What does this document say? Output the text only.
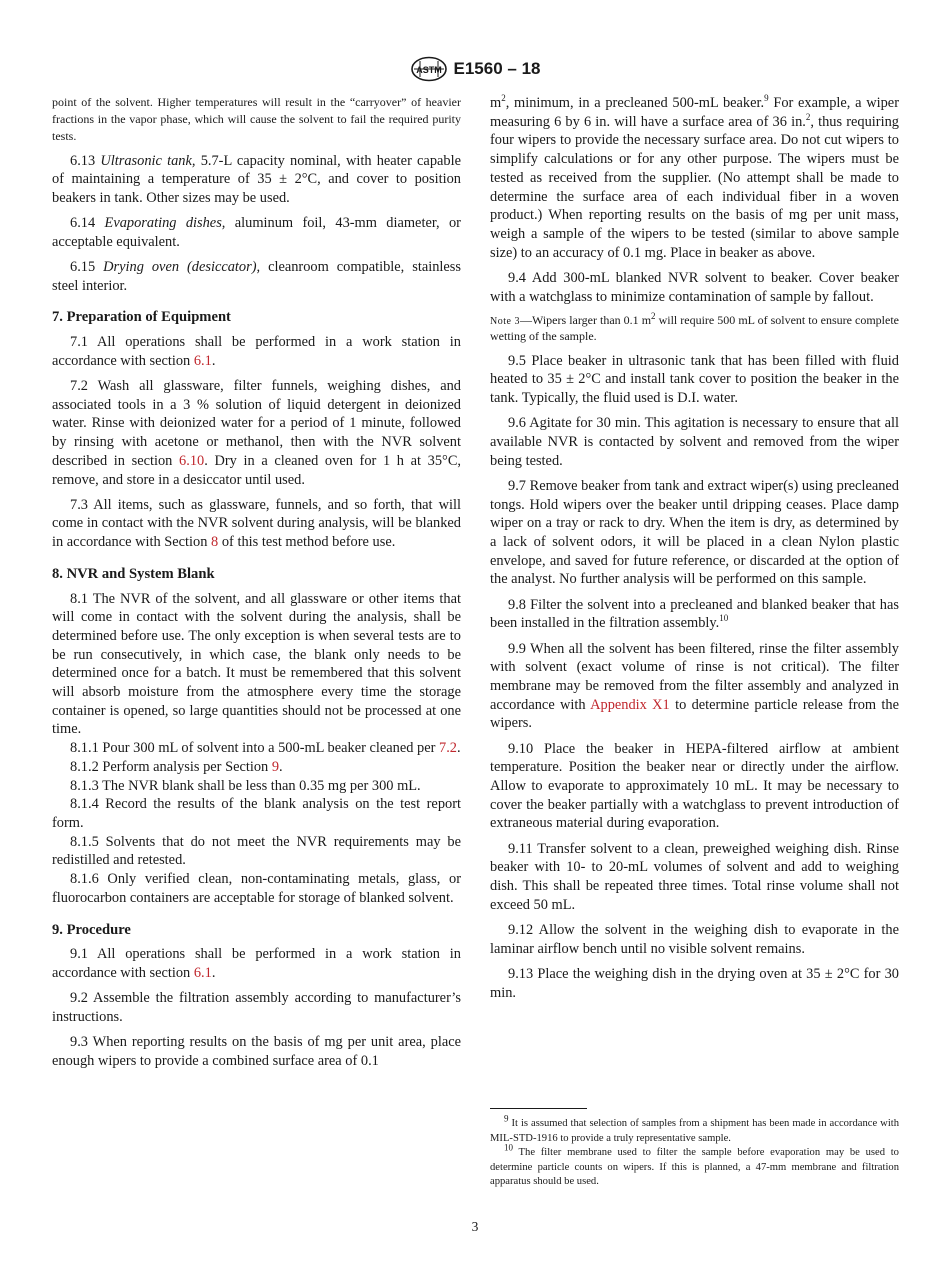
ASTM E1560 – 18

point of the solvent. Higher temperatures will result in the “carryover” of heavier fractions in the vapor phase, which will cause the solvent to fail the required purity tests.

6.13 Ultrasonic tank, 5.7-L capacity nominal, with heater capable of maintaining a temperature of 35 ± 2°C, and cover to position beakers in tank. Other sizes may be used.

6.14 Evaporating dishes, aluminum foil, 43-mm diameter, or acceptable equivalent.

6.15 Drying oven (desiccator), cleanroom compatible, stainless steel interior.

7. Preparation of Equipment

7.1 All operations shall be performed in a work station in accordance with section 6.1.

7.2 Wash all glassware, filter funnels, weighing dishes, and associated tools in a 3 % solution of liquid detergent in deionized water. Rinse with deionized water for a period of 1 minute, followed by rinsing with acetone or methanol, then with the NVR solvent described in section 6.10. Dry in a cleaned oven for 1 h at 35°C, remove, and store in a desiccator until used.

7.3 All items, such as glassware, funnels, and so forth, that will come in contact with the NVR solvent during analysis, will be blanked in accordance with Section 8 of this test method before use.

8. NVR and System Blank

8.1 The NVR of the solvent, and all glassware or other items that will come in contact with the solvent during the analysis, shall be determined before use. The only exception is when several tests are to be run consecutively, in which case, the blank only needs to be determined once for a batch. It must be remembered that this solvent will absorb moisture from the atmosphere every time the storage container is opened, so large quantities should not be processed at one time.

8.1.1 Pour 300 mL of solvent into a 500-mL beaker cleaned per 7.2.

8.1.2 Perform analysis per Section 9.

8.1.3 The NVR blank shall be less than 0.35 mg per 300 mL.

8.1.4 Record the results of the blank analysis on the test report form.

8.1.5 Solvents that do not meet the NVR requirements may be redistilled and retested.

8.1.6 Only verified clean, non-contaminating metals, glass, or fluorocarbon containers are acceptable for storage of blanked solvent.

9. Procedure

9.1 All operations shall be performed in a work station in accordance with section 6.1.

9.2 Assemble the filtration assembly according to manufacturer’s instructions.

9.3 When reporting results on the basis of mg per unit area, place enough wipers to provide a combined surface area of 0.1

$m^2$, minimum, in a precleaned 500-mL beaker.$^9$ For example, a wiper measuring 6 by 6 in. will have a surface area of 36 in.$^2$, thus requiring four wipers to provide the necessary surface area. Do not cut wipers to simplify calculations or for any other purpose. The wipers must be tested as received from the supplier. (No attempt shall be made to determine the surface area of each individual fiber in a woven product.) When reporting results on the basis of mg per unit mass, weigh a sample of the wipers to be tested (similar to above sample size) to an accuracy of 0.1 mg. Place in beaker as above.

9.4 Add 300-mL blanked NVR solvent to beaker. Cover beaker with a watchglass to minimize contamination of sample by fallout.

Note 3—Wipers larger than 0.1 $m^2$ will require 500 mL of solvent to ensure complete wetting of the sample.

9.5 Place beaker in ultrasonic tank that has been filled with fluid heated to 35 ± 2°C and install tank cover to position the beaker in the tank. Typically, the fluid used is D.I. water.

9.6 Agitate for 30 min. This agitation is necessary to ensure that all available NVR is contacted by solvent and removed from the wiper being tested.

9.7 Remove beaker from tank and extract wiper(s) using precleaned tongs. Hold wipers over the beaker until dripping ceases. Place damp wiper on a tray or rack to dry. When the item is dry, as determined by a lack of solvent odors, it will be placed in a clean Nylon plastic envelope, and saved for future reference, or discarded at the option of the analyst. No further analysis will be performed on this sample.

9.8 Filter the solvent into a precleaned and blanked beaker that has been installed in the filtration assembly.$^{10}$

9.9 When all the solvent has been filtered, rinse the filter assembly with solvent (exact volume of rinse is not critical). The filter membrane may be removed from the filter assembly and analyzed in accordance with Appendix X1 to determine particle release from the wipers.

9.10 Place the beaker in HEPA-filtered airflow at ambient temperature. Position the beaker near or directly under the airflow. Allow to evaporate to approximately 10 mL. It may be necessary to cover the beaker partially with a watchglass to prevent introduction of extraneous material during evaporation.

9.11 Transfer solvent to a clean, preweighed weighing dish. Rinse beaker with 10- to 20-mL volumes of solvent and add to weighing dish. This shall be repeated three times. Total rinse volume shall not exceed 50 mL.

9.12 Allow the solvent in the weighing dish to evaporate in the laminar airflow bench until no visible solvent remains.

9.13 Place the weighing dish in the drying oven at 35 ± 2°C for 30 min.

$^9$ It is assumed that selection of samples from a shipment has been made in accordance with MIL-STD-1916 to provide a truly representative sample.

$^{10}$ The filter membrane used to filter the sample before evaporation may be used to determine particle counts on wipers. If this is planned, a 47-mm membrane and filtration apparatus should be used.

3
